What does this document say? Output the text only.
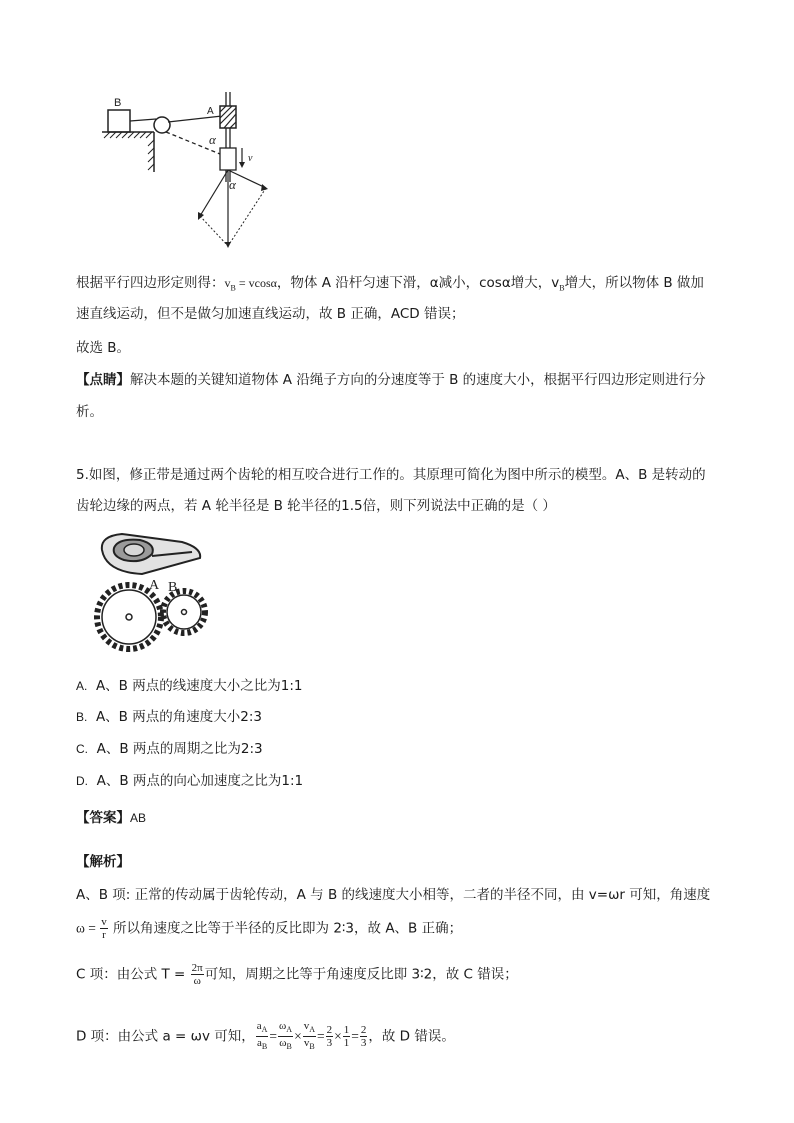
B
A
α
α
v
根据平行四边形定则得：$v_B = vcos\alpha$，物体 A 沿杆匀速下滑，α减小，cosα增大，$v_B$增大，所以物体 B 做加
速直线运动，但不是做匀加速直线运动，故 B 正确，ACD 错误；
故选 B。
【点睛】解决本题的关键知道物体 A 沿绳子方向的分速度等于 B 的速度大小，根据平行四边形定则进行分
析。
5.如图，修正带是通过两个齿轮的相互咬合进行工作的。其原理可简化为图中所示的模型。A、B 是转动的
齿轮边缘的两点，若 A 轮半径是 B 轮半径的1.5倍，则下列说法中正确的是（ ）
A B
A. A、B 两点的线速度大小之比为1:1
B. A、B 两点的角速度大小2:3
C. A、B 两点的周期之比为2:3
D. A、B 两点的向心加速度之比为1:1
【答案】AB
【解析】
A、B 项: 正常的传动属于齿轮传动，A 与 B 的线速度大小相等，二者的半径不同，由 v=ωr 可知，角速度
$\omega = \frac{v}{r}$ 所以角速度之比等于半径的反比即为 2∶3，故 A、B 正确；
C 项：由公式 $T = \frac{2\pi}{\omega}$ 可知，周期之比等于角速度反比即 3∶2，故 C 错误；
D 项：由公式 a = ωv 可知， $\frac{a_A}{a_B} = \frac{\omega_A}{\omega_B} \times \frac{v_A}{v_B} = \frac{2}{3} \times \frac{1}{1} = \frac{2}{3}$ ，故 D 错误。
